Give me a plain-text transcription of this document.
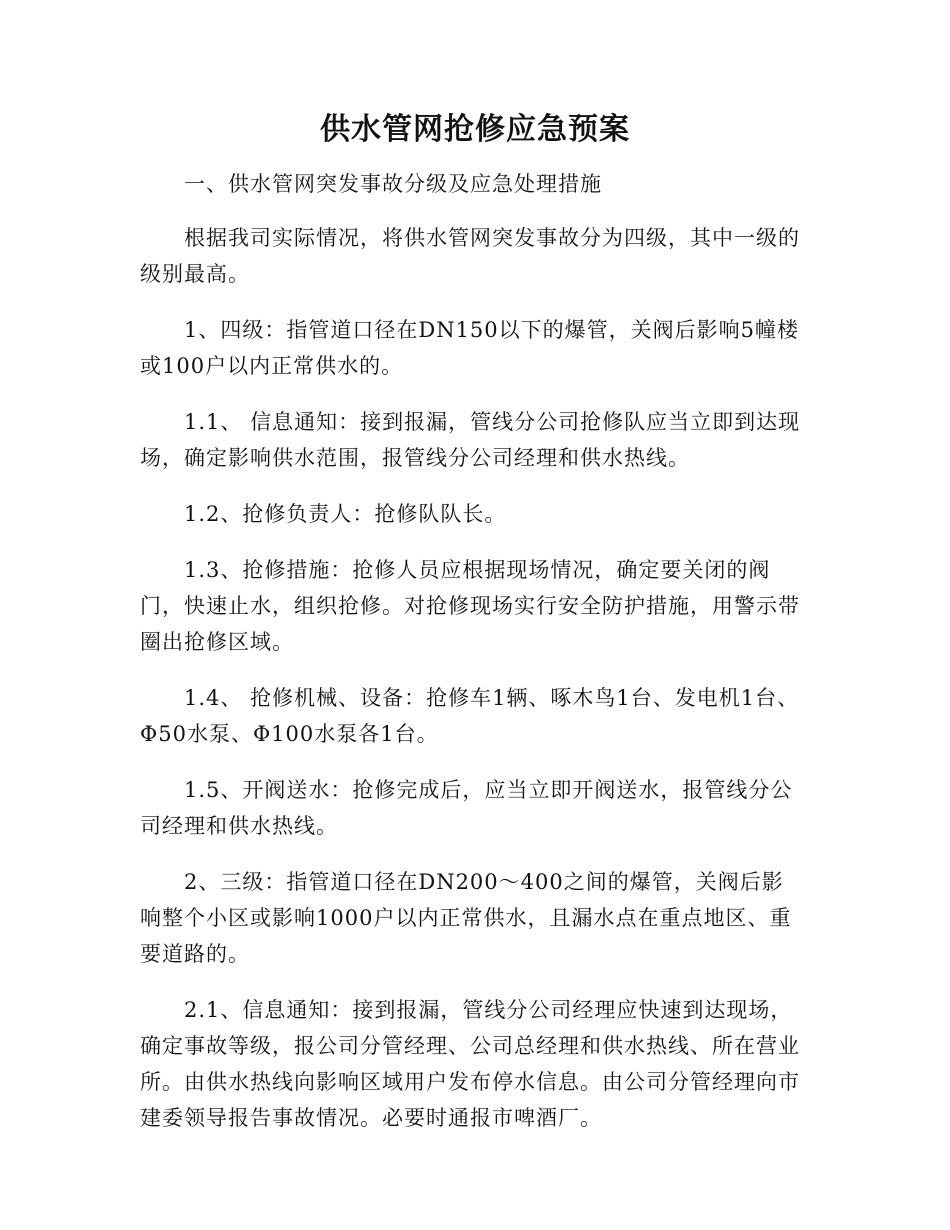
供水管网抢修应急预案

一、供水管网突发事故分级及应急处理措施

根据我司实际情况，将供水管网突发事故分为四级，其中一级的级别最高。

1、四级：指管道口径在DN150以下的爆管，关阀后影响5幢楼或100户以内正常供水的。

1.1、 信息通知：接到报漏，管线分公司抢修队应当立即到达现场，确定影响供水范围，报管线分公司经理和供水热线。

1.2、抢修负责人：抢修队队长。

1.3、抢修措施：抢修人员应根据现场情况，确定要关闭的阀门，快速止水，组织抢修。对抢修现场实行安全防护措施，用警示带圈出抢修区域。

1.4、 抢修机械、设备：抢修车1辆、啄木鸟1台、发电机1台、Φ50水泵、Φ100水泵各1台。

1.5、开阀送水：抢修完成后，应当立即开阀送水，报管线分公司经理和供水热线。

2、三级：指管道口径在DN200～400之间的爆管，关阀后影响整个小区或影响1000户以内正常供水，且漏水点在重点地区、重要道路的。

2.1、信息通知：接到报漏，管线分公司经理应快速到达现场，确定事故等级，报公司分管经理、公司总经理和供水热线、所在营业所。由供水热线向影响区域用户发布停水信息。由公司分管经理向市建委领导报告事故情况。必要时通报市啤酒厂。
